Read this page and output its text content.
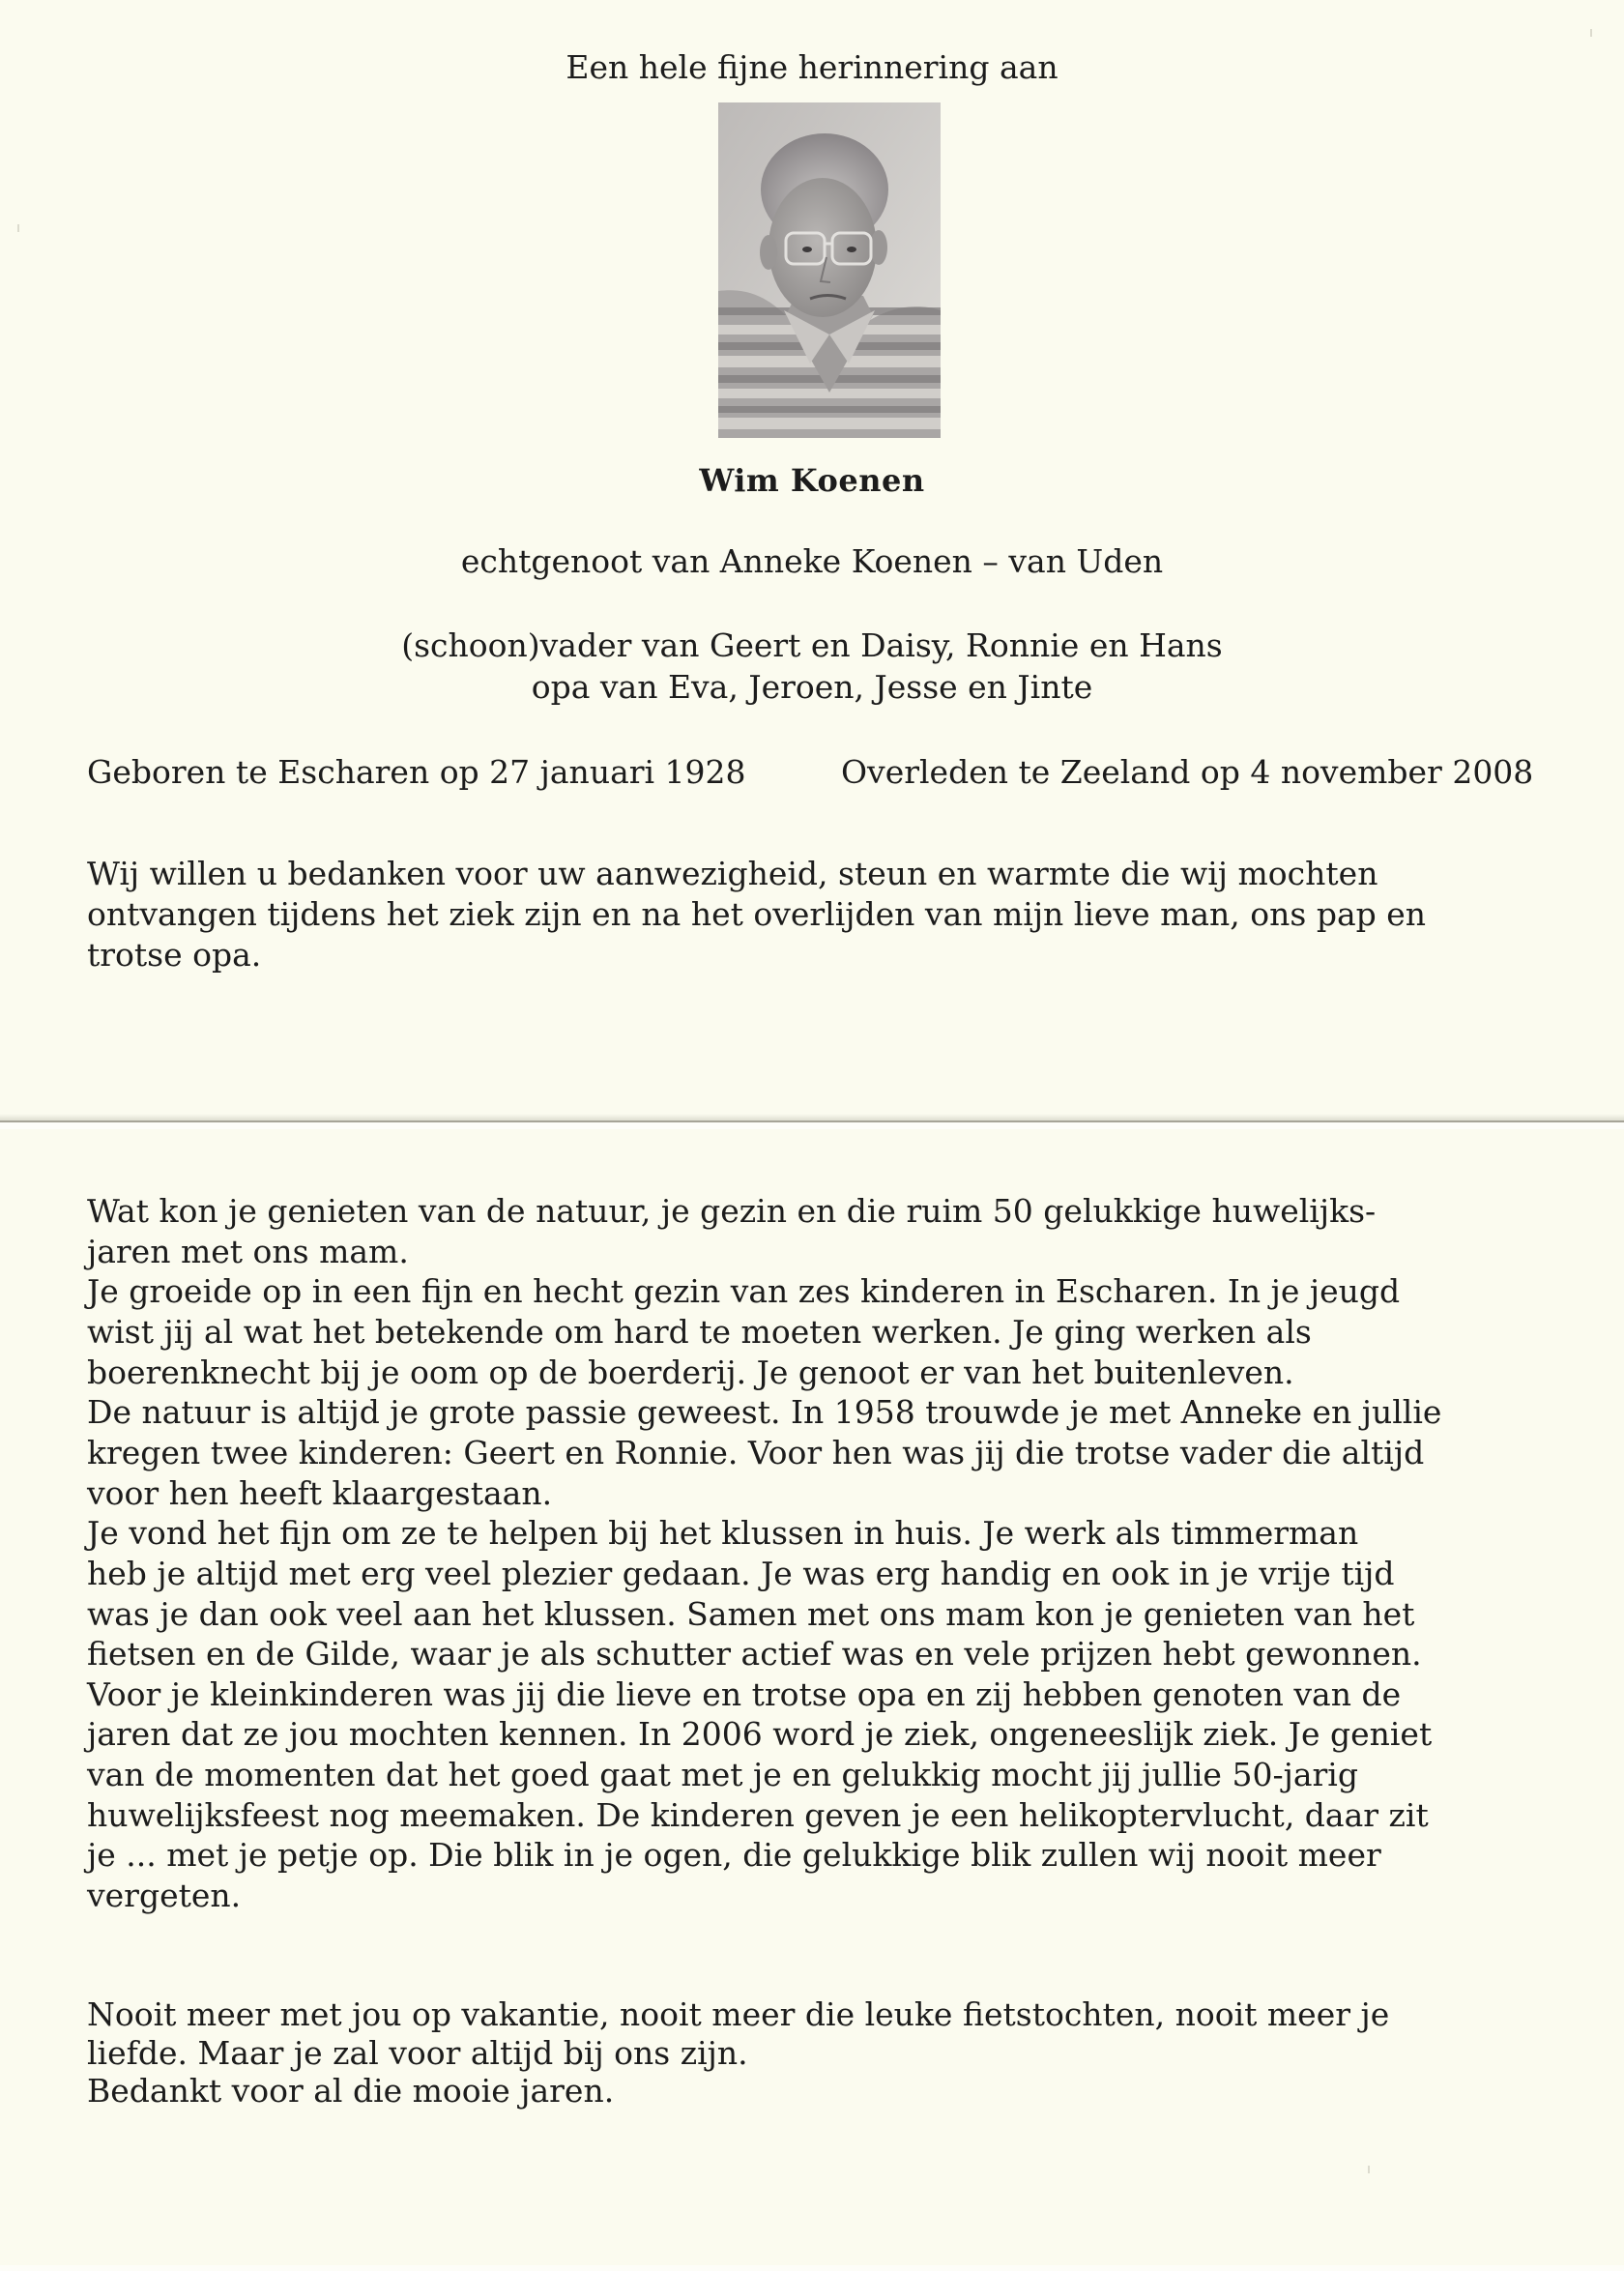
Een hele fijne herinnering aan

Wim Koenen

echtgenoot van Anneke Koenen – van Uden

(schoon)vader van Geert en Daisy, Ronnie en Hans

opa van Eva, Jeroen, Jesse en Jinte

Geboren te Escharen op 27 januari 1928	Overleden te Zeeland op 4 november 2008

Wij willen u bedanken voor uw aanwezigheid, steun en warmte die wij mochten

ontvangen tijdens het ziek zijn en na het overlijden van mijn lieve man, ons pap en

trotse opa.

Wat kon je genieten van de natuur, je gezin en die ruim 50 gelukkige huwelijks-

jaren met ons mam.

Je groeide op in een fijn en hecht gezin van zes kinderen in Escharen. In je jeugd

wist jij al wat het betekende om hard te moeten werken. Je ging werken als

boerenknecht bij je oom op de boerderij. Je genoot er van het buitenleven.

De natuur is altijd je grote passie geweest. In 1958 trouwde je met Anneke en jullie

kregen twee kinderen: Geert en Ronnie. Voor hen was jij die trotse vader die altijd

voor hen heeft klaargestaan.

Je vond het fijn om ze te helpen bij het klussen in huis. Je werk als timmerman

heb je altijd met erg veel plezier gedaan. Je was erg handig en ook in je vrije tijd

was je dan ook veel aan het klussen. Samen met ons mam kon je genieten van het

fietsen en de Gilde, waar je als schutter actief was en vele prijzen hebt gewonnen.

Voor je kleinkinderen was jij die lieve en trotse opa en zij hebben genoten van de

jaren dat ze jou mochten kennen. In 2006 word je ziek, ongeneeslijk ziek. Je geniet

van de momenten dat het goed gaat met je en gelukkig mocht jij jullie 50-jarig

huwelijksfeest nog meemaken. De kinderen geven je een helikoptervlucht, daar zit

je ... met je petje op. Die blik in je ogen, die gelukkige blik zullen wij nooit meer

vergeten.

Nooit meer met jou op vakantie, nooit meer die leuke fietstochten, nooit meer je

liefde. Maar je zal voor altijd bij ons zijn.

Bedankt voor al die mooie jaren.
